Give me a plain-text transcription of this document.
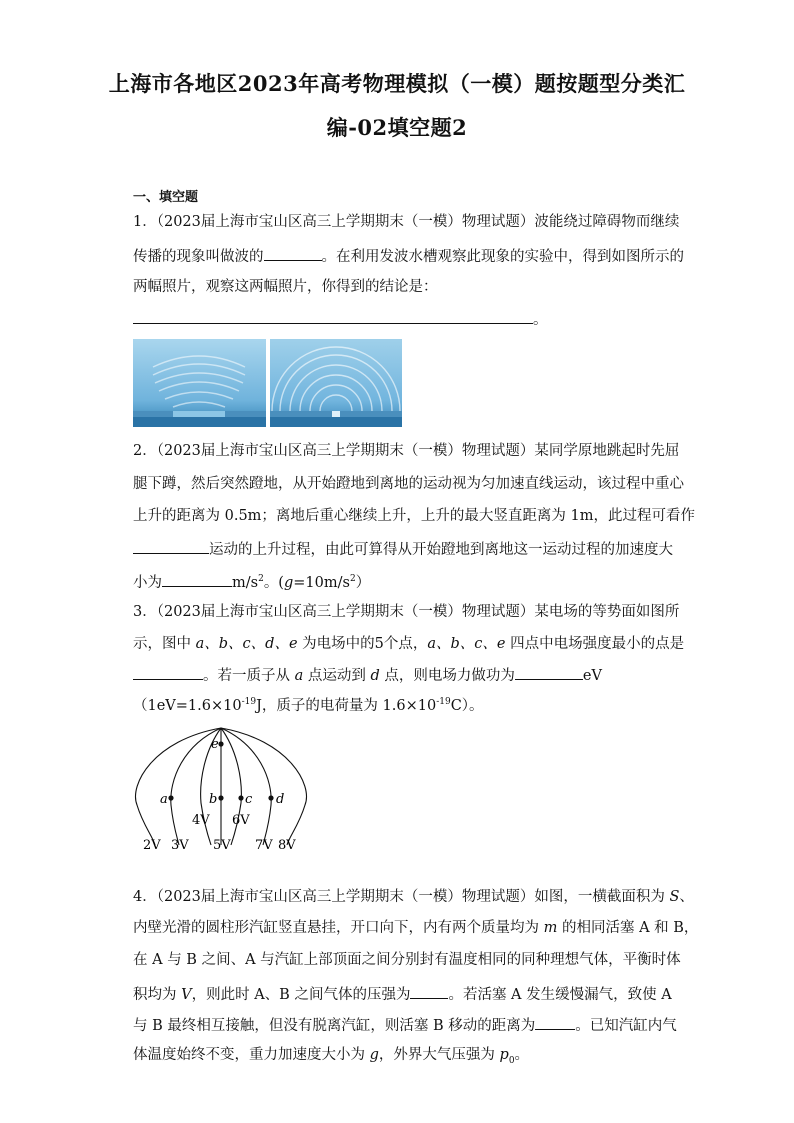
上海市各地区2023年高考物理模拟（一模）题按题型分类汇
编-02填空题2
一、填空题
1．（2023届上海市宝山区高三上学期期末（一模）物理试题）波能绕过障碍物而继续
传播的现象叫做波的	。在利用发波水槽观察此现象的实验中，得到如图所示的
两幅照片，观察这两幅照片，你得到的结论是：
。
2．（2023届上海市宝山区高三上学期期末（一模）物理试题）某同学原地跳起时先屈
腿下蹲，然后突然蹬地，从开始蹬地到离地的运动视为匀加速直线运动，该过程中重心
上升的距离为 0.5m；离地后重心继续上升，上升的最大竖直距离为 1m，此过程可看作
运动的上升过程，由此可算得从开始蹬地到离地这一运动过程的加速度大
小为	$m/s^2$。$(g=10m/s^2)$
3．（2023届上海市宝山区高三上学期期末（一模）物理试题）某电场的等势面如图所
示，图中 a、b、c、d、e 为电场中的5个点，a、b、c、e 四点中电场强度最小的点是
。若一质子从 a 点运动到 d 点，则电场力做功为	eV
（$1eV=1.6\times 10^{-19}J$，质子的电荷量为 $1.6\times 10^{-19}C$）。
e
a	b c d
4V 6V
2V 3V 5V 7V 8V
4．（2023届上海市宝山区高三上学期期末（一模）物理试题）如图，一横截面积为 S、
内壁光滑的圆柱形汽缸竖直悬挂，开口向下，内有两个质量均为 m 的相同活塞 A 和 B，
在 A 与 B 之间、A 与汽缸上部顶面之间分别封有温度相同的同种理想气体，平衡时体
积均为 V，则此时 A、B 之间气体的压强为	。若活塞 A 发生缓慢漏气，致使 A
与 B 最终相互接触，但没有脱离汽缸，则活塞 B 移动的距离为	。已知汽缸内气
体温度始终不变，重力加速度大小为 g，外界大气压强为 $p_0$。
